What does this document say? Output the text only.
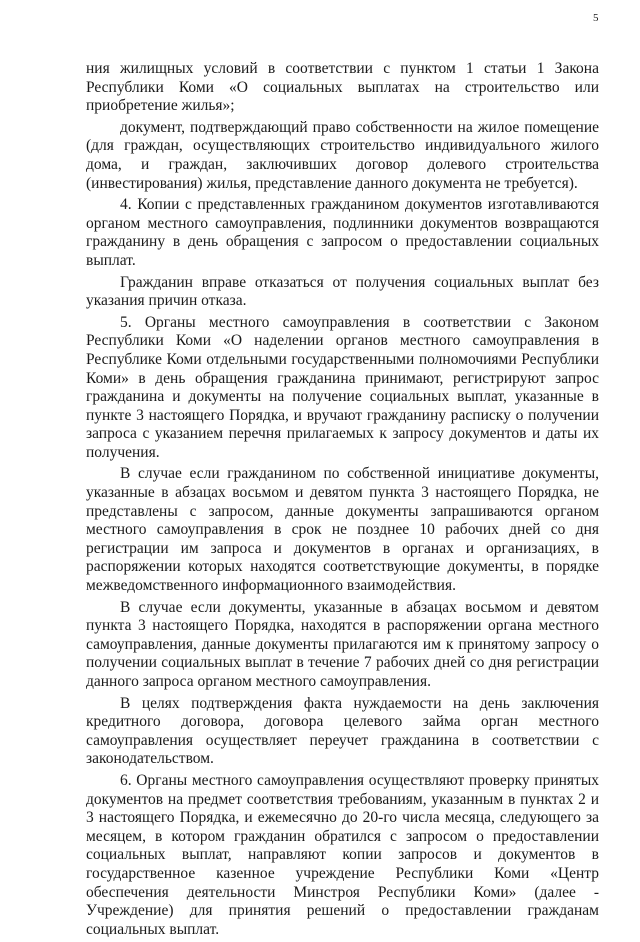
5

ния жилищных условий в соответствии с пунктом 1 статьи 1 Закона Республики Коми «О социальных выплатах на строительство или приобретение жилья»;

документ, подтверждающий право собственности на жилое помещение (для граждан, осуществляющих строительство индивидуального жилого дома, и граждан, заключивших договор долевого строительства (инвестирования) жилья, представление данного документа не требуется).

4. Копии с представленных гражданином документов изготавливаются органом местного самоуправления, подлинники документов возвращаются гражданину в день обращения с запросом о предоставлении социальных выплат.

Гражданин вправе отказаться от получения социальных выплат без указания причин отказа.

5. Органы местного самоуправления в соответствии с Законом Республики Коми «О наделении органов местного самоуправления в Республике Коми отдельными государственными полномочиями Республики Коми» в день обращения гражданина принимают, регистрируют запрос гражданина и документы на получение социальных выплат, указанные в пункте 3 настоящего Порядка, и вручают гражданину расписку о получении запроса с указанием перечня прилагаемых к запросу документов и даты их получения.

В случае если гражданином по собственной инициативе документы, указанные в абзацах восьмом и девятом пункта 3 настоящего Порядка, не представлены с запросом, данные документы запрашиваются органом местного самоуправления в срок не позднее 10 рабочих дней со дня регистрации им запроса и документов в органах и организациях, в распоряжении которых находятся соответствующие документы, в порядке межведомственного информационного взаимодействия.

В случае если документы, указанные в абзацах восьмом и девятом пункта 3 настоящего Порядка, находятся в распоряжении органа местного самоуправления, данные документы прилагаются им к принятому запросу о получении социальных выплат в течение 7 рабочих дней со дня регистрации данного запроса органом местного самоуправления.

В целях подтверждения факта нуждаемости на день заключения кредитного договора, договора целевого займа орган местного самоуправления осуществляет переучет гражданина в соответствии с законодательством.

6. Органы местного самоуправления осуществляют проверку принятых документов на предмет соответствия требованиям, указанным в пунктах 2 и 3 настоящего Порядка, и ежемесячно до 20-го числа месяца, следующего за месяцем, в котором гражданин обратился с запросом о предоставлении социальных выплат, направляют копии запросов и документов в государственное казенное учреждение Республики Коми «Центр обеспечения деятельности Минстроя Республики Коми» (далее - Учреждение) для принятия решений о предоставлении гражданам социальных выплат.
